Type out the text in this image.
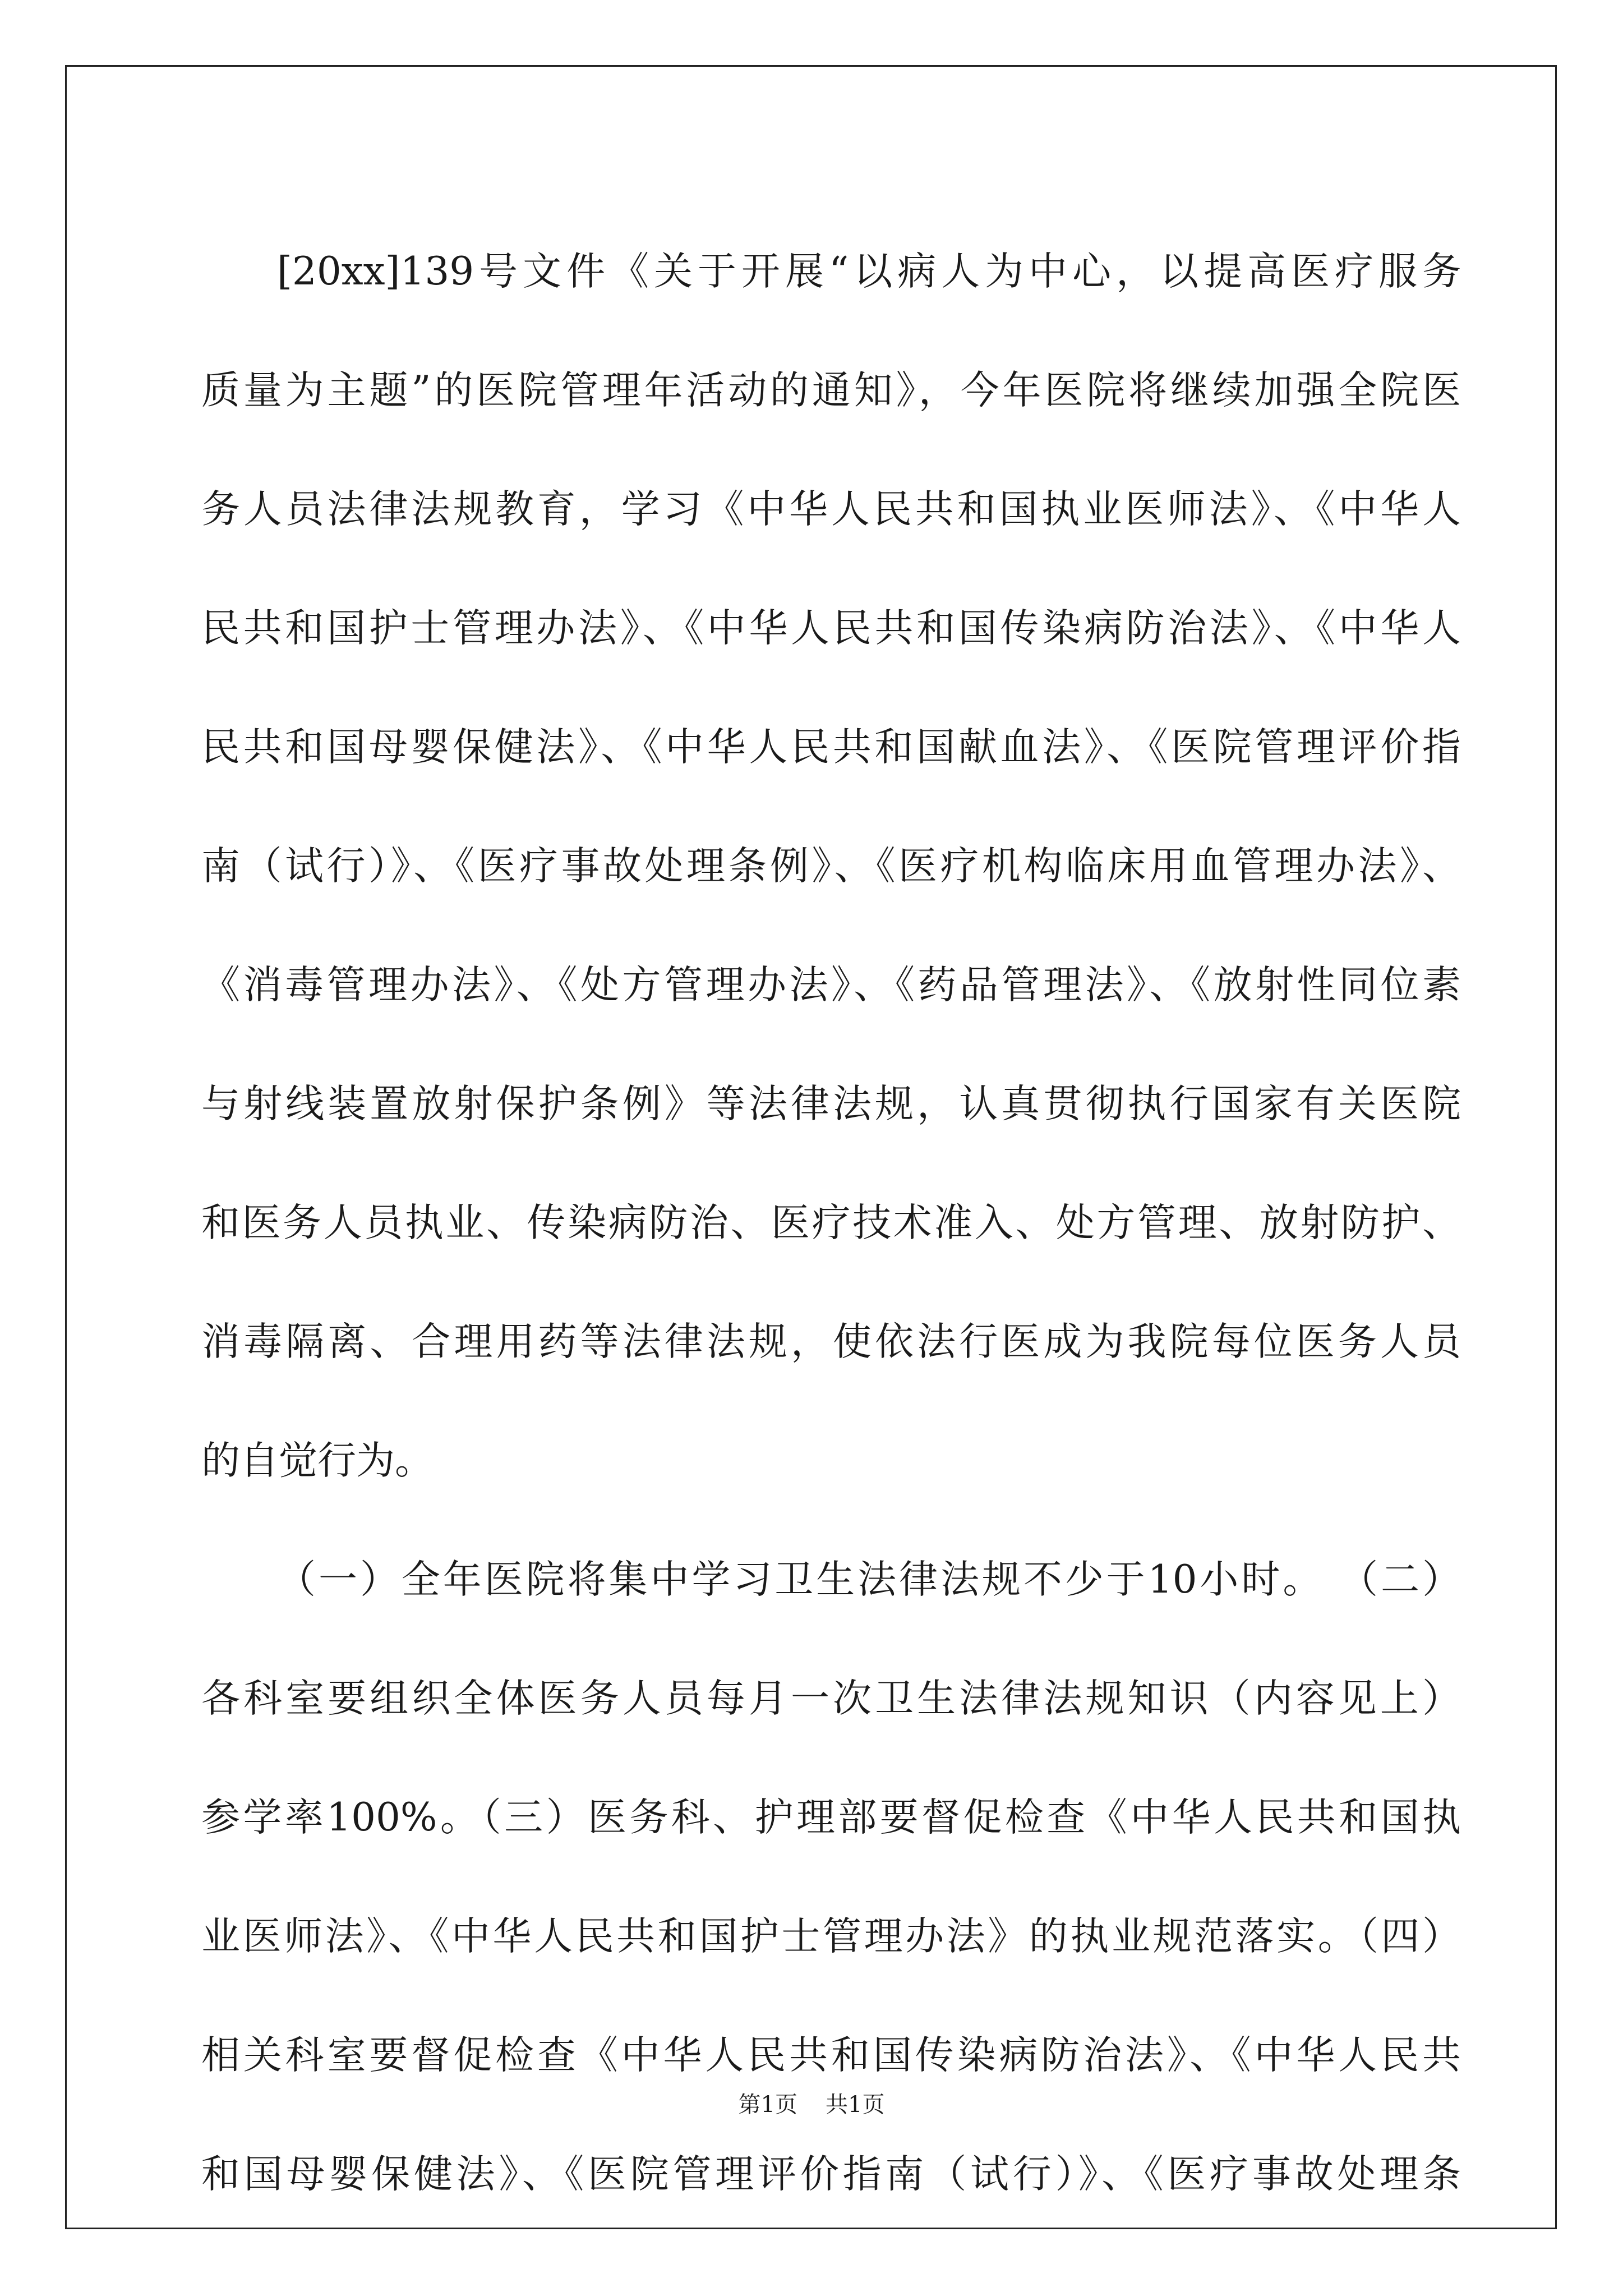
[20xx]139号文件《关于开展“以病人为中心，以提高医疗服务
质量为主题”的医院管理年活动的通知》，今年医院将继续加强全院医
务人员法律法规教育，学习《中华人民共和国执业医师法》、《中华人
民共和国护士管理办法》、《中华人民共和国传染病防治法》、《中华人
民共和国母婴保健法》、《中华人民共和国献血法》、《医院管理评价指
南（试行）》、《医疗事故处理条例》、《医疗机构临床用血管理办法》、
《消毒管理办法》、《处方管理办法》、《药品管理法》、《放射性同位素
与射线装置放射保护条例》等法律法规，认真贯彻执行国家有关医院
和医务人员执业、传染病防治、医疗技术准入、处方管理、放射防护、
消毒隔离、合理用药等法律法规，使依法行医成为我院每位医务人员
的自觉行为。
（一）全年医院将集中学习卫生法律法规不少于10小时。 （二）
各科室要组织全体医务人员每月一次卫生法律法规知识（内容见上）
参学率100%。（三）医务科、护理部要督促检查《中华人民共和国执
业医师法》、《中华人民共和国护士管理办法》的执业规范落实。（四）
相关科室要督促检查《中华人民共和国传染病防治法》、《中华人民共
和国母婴保健法》、《医院管理评价指南（试行）》、《医疗事故处理条
第1页 共1页
